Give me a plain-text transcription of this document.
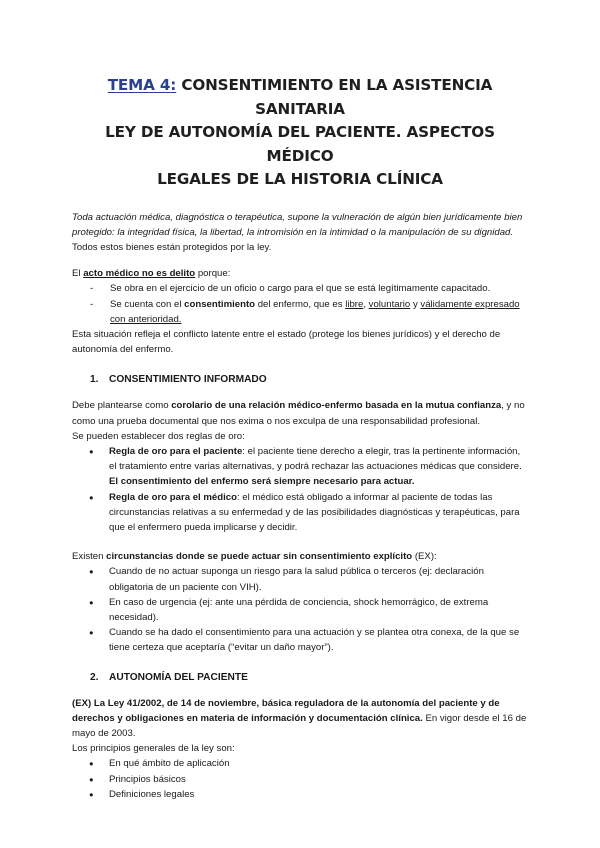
TEMA 4: CONSENTIMIENTO EN LA ASISTENCIA SANITARIA
LEY DE AUTONOMÍA DEL PACIENTE. ASPECTOS MÉDICO
LEGALES DE LA HISTORIA CLÍNICA

Toda actuación médica, diagnóstica o terapéutica, supone la vulneración de algún bien jurídicamente bien protegido: la integridad física, la libertad, la intromisión en la intimidad o la manipulación de su dignidad. Todos estos bienes están protegidos por la ley.

El acto médico no es delito porque:

- Se obra en el ejercicio de un oficio o cargo para el que se está legítimamente capacitado.
- Se cuenta con el consentimiento del enfermo, que es libre, voluntario y válidamente expresado con anterioridad.

Esta situación refleja el conflicto latente entre el estado (protege los bienes jurídicos) y el derecho de autonomía del enfermo.

1. CONSENTIMIENTO INFORMADO

Debe plantearse como corolario de una relación médico-enfermo basada en la mutua confianza, y no como una prueba documental que nos exima o nos exculpa de una responsabilidad profesional.

Se pueden establecer dos reglas de oro:

● Regla de oro para el paciente: el paciente tiene derecho a elegir, tras la pertinente información, el tratamiento entre varias alternativas, y podrá rechazar las actuaciones médicas que considere. El consentimiento del enfermo será siempre necesario para actuar.
● Regla de oro para el médico: el médico está obligado a informar al paciente de todas las circunstancias relativas a su enfermedad y de las posibilidades diagnósticas y terapéuticas, para que el enfermero pueda implicarse y decidir.

Existen circunstancias donde se puede actuar sin consentimiento explícito (EX):

● Cuando de no actuar suponga un riesgo para la salud pública o terceros (ej: declaración obligatoria de un paciente con VIH).
● En caso de urgencia (ej: ante una pérdida de conciencia, shock hemorrágico, de extrema necesidad).
● Cuando se ha dado el consentimiento para una actuación y se plantea otra conexa, de la que se tiene certeza que aceptaría (“evitar un daño mayor”).
2. AUTONOMÍA DEL PACIENTE

(EX) La Ley 41/2002, de 14 de noviembre, básica reguladora de la autonomía del paciente y de derechos y obligaciones en materia de información y documentación clínica. En vigor desde el 16 de mayo de 2003.

Los principios generales de la ley son:

● En qué ámbito de aplicación
● Principios básicos
● Definiciones legales
